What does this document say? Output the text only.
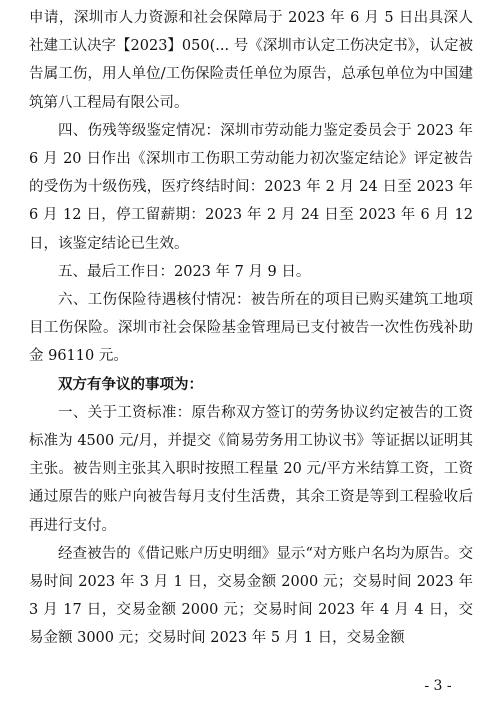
申请，深圳市人力资源和社会保障局于 2023 年 6 月 5 日出具深人社建工认决字【2023】050(... 号《深圳市认定工伤决定书》，认定被告属工伤，用人单位/工伤保险责任单位为原告，总承包单位为中国建筑第八工程局有限公司。

四、伤残等级鉴定情况：深圳市劳动能力鉴定委员会于 2023 年 6 月 20 日作出《深圳市工伤职工劳动能力初次鉴定结论》评定被告的受伤为十级伤残，医疗终结时间：2023 年 2 月 24 日至 2023 年 6 月 12 日，停工留薪期：2023 年 2 月 24 日至 2023 年 6 月 12 日，该鉴定结论已生效。

五、最后工作日：2023 年 7 月 9 日。

六、工伤保险待遇核付情况：被告所在的项目已购买建筑工地项目工伤保险。深圳市社会保险基金管理局已支付被告一次性伤残补助金 96110 元。

双方有争议的事项为：

一、关于工资标准：原告称双方签订的劳务协议约定被告的工资标准为 4500 元/月，并提交《简易劳务用工协议书》等证据以证明其主张。被告则主张其入职时按照工程量 20 元/平方米结算工资，工资通过原告的账户向被告每月支付生活费，其余工资是等到工程验收后再进行支付。

经查被告的《借记账户历史明细》显示“对方账户名均为原告。交易时间 2023 年 3 月 1 日，交易金额 2000 元；交易时间 2023 年 3 月 17 日，交易金额 2000 元；交易时间 2023 年 4 月 4 日，交易金额 3000 元；交易时间 2023 年 5 月 1 日，交易金额

- 3 -
